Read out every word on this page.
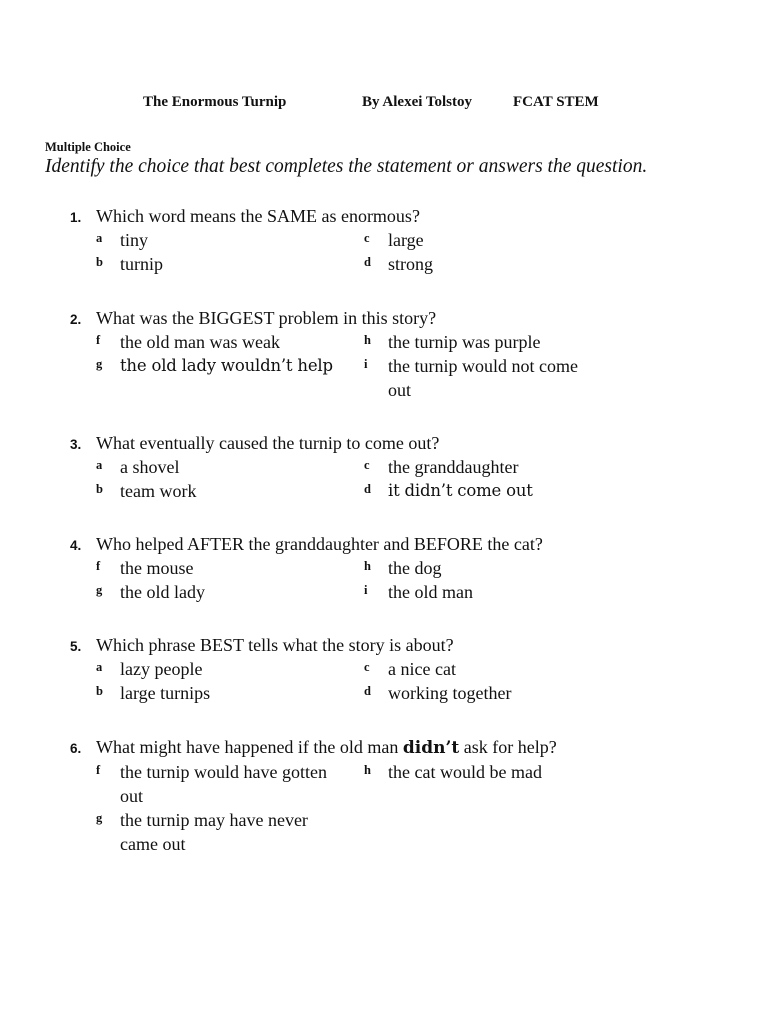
The Enormous Turnip	By Alexei Tolstoy	FCAT STEM
Multiple Choice
Identify the choice that best completes the statement or answers the question.
1. Which word means the SAME as enormous?
a tiny
b turnip
c large
d strong
2. What was the BIGGEST problem in this story?
f the old man was weak
g the old lady wouldn’t help
h the turnip was purple
i the turnip would not come out
3. What eventually caused the turnip to come out?
a a shovel
b team work
c the granddaughter
d it didn’t come out
4. Who helped AFTER the granddaughter and BEFORE the cat?
f the mouse
g the old lady
h the dog
i the old man
5. Which phrase BEST tells what the story is about?
a lazy people
b large turnips
c a nice cat
d working together
6. What might have happened if the old man didn’t ask for help?
f the turnip would have gotten out
g the turnip may have never came out
h the cat would be mad
